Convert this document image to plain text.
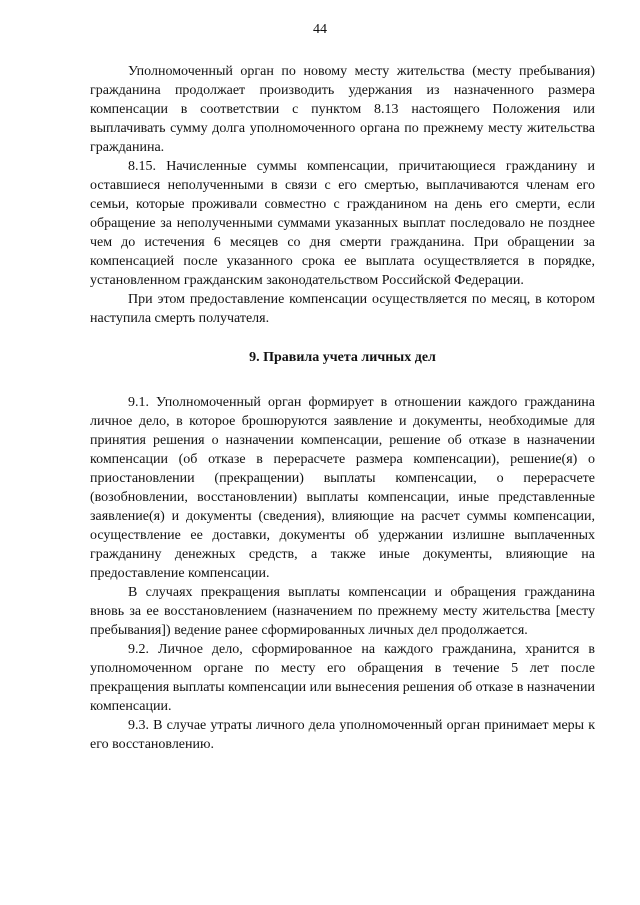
44

Уполномоченный орган по новому месту жительства (месту пребывания) гражданина продолжает производить удержания из назначенного размера компенсации в соответствии с пунктом 8.13 настоящего Положения или выплачивать сумму долга уполномоченного органа по прежнему месту жительства гражданина.

8.15. Начисленные суммы компенсации, причитающиеся гражданину и оставшиеся неполученными в связи с его смертью, выплачиваются членам его семьи, которые проживали совместно с гражданином на день его смерти, если обращение за неполученными суммами указанных выплат последовало не позднее чем до истечения 6 месяцев со дня смерти гражданина. При обращении за компенсацией после указанного срока ее выплата осуществляется в порядке, установленном гражданским законодательством Российской Федерации.

При этом предоставление компенсации осуществляется по месяц, в котором наступила смерть получателя.

9. Правила учета личных дел

9.1. Уполномоченный орган формирует в отношении каждого гражданина личное дело, в которое брошюруются заявление и документы, необходимые для принятия решения о назначении компенсации, решение об отказе в назначении компенсации (об отказе в перерасчете размера компенсации), решение(я) о приостановлении (прекращении) выплаты компенсации, о перерасчете (возобновлении, восстановлении) выплаты компенсации, иные представленные заявление(я) и документы (сведения), влияющие на расчет суммы компенсации, осуществление ее доставки, документы об удержании излишне выплаченных гражданину денежных средств, а также иные документы, влияющие на предоставление компенсации.

В случаях прекращения выплаты компенсации и обращения гражданина вновь за ее восстановлением (назначением по прежнему месту жительства [месту пребывания]) ведение ранее сформированных личных дел продолжается.

9.2. Личное дело, сформированное на каждого гражданина, хранится в уполномоченном органе по месту его обращения в течение 5 лет после прекращения выплаты компенсации или вынесения решения об отказе в назначении компенсации.

9.3. В случае утраты личного дела уполномоченный орган принимает меры к его восстановлению.
